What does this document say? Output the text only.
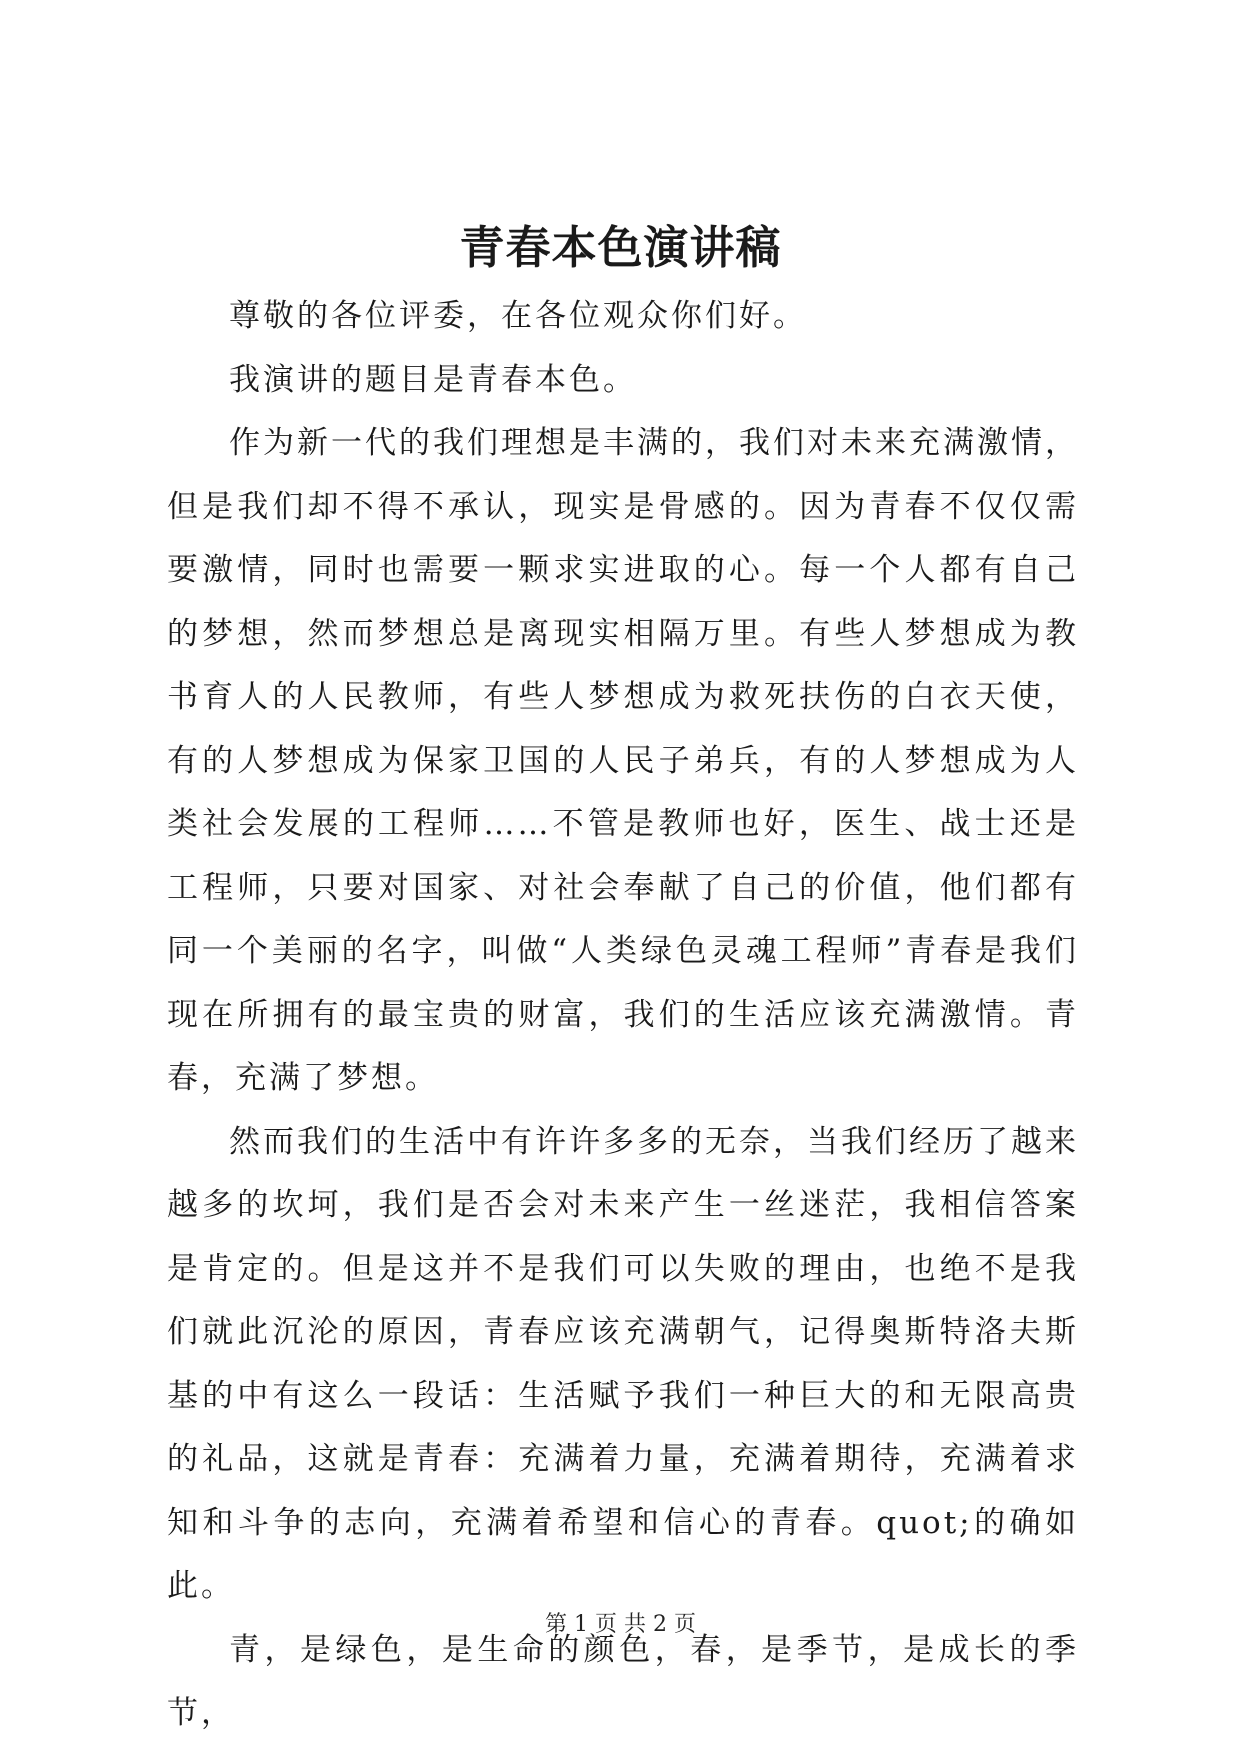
青春本色演讲稿

尊敬的各位评委，在各位观众你们好。

我演讲的题目是青春本色。

作为新一代的我们理想是丰满的，我们对未来充满激情，但是我们却不得不承认，现实是骨感的。因为青春不仅仅需要激情，同时也需要一颗求实进取的心。每一个人都有自己的梦想，然而梦想总是离现实相隔万里。有些人梦想成为教书育人的人民教师，有些人梦想成为救死扶伤的白衣天使，有的人梦想成为保家卫国的人民子弟兵，有的人梦想成为人类社会发展的工程师……不管是教师也好，医生、战士还是工程师，只要对国家、对社会奉献了自己的价值，他们都有同一个美丽的名字，叫做“人类绿色灵魂工程师”青春是我们现在所拥有的最宝贵的财富，我们的生活应该充满激情。青春，充满了梦想。

然而我们的生活中有许许多多的无奈，当我们经历了越来越多的坎坷，我们是否会对未来产生一丝迷茫，我相信答案是肯定的。但是这并不是我们可以失败的理由，也绝不是我们就此沉沦的原因，青春应该充满朝气，记得奥斯特洛夫斯基的中有这么一段话：生活赋予我们一种巨大的和无限高贵的礼品，这就是青春：充满着力量，充满着期待，充满着求知和斗争的志向，充满着希望和信心的青春。quot;的确如此。

青，是绿色，是生命的颜色，春，是季节，是成长的季节，

第 1 页 共 2 页
